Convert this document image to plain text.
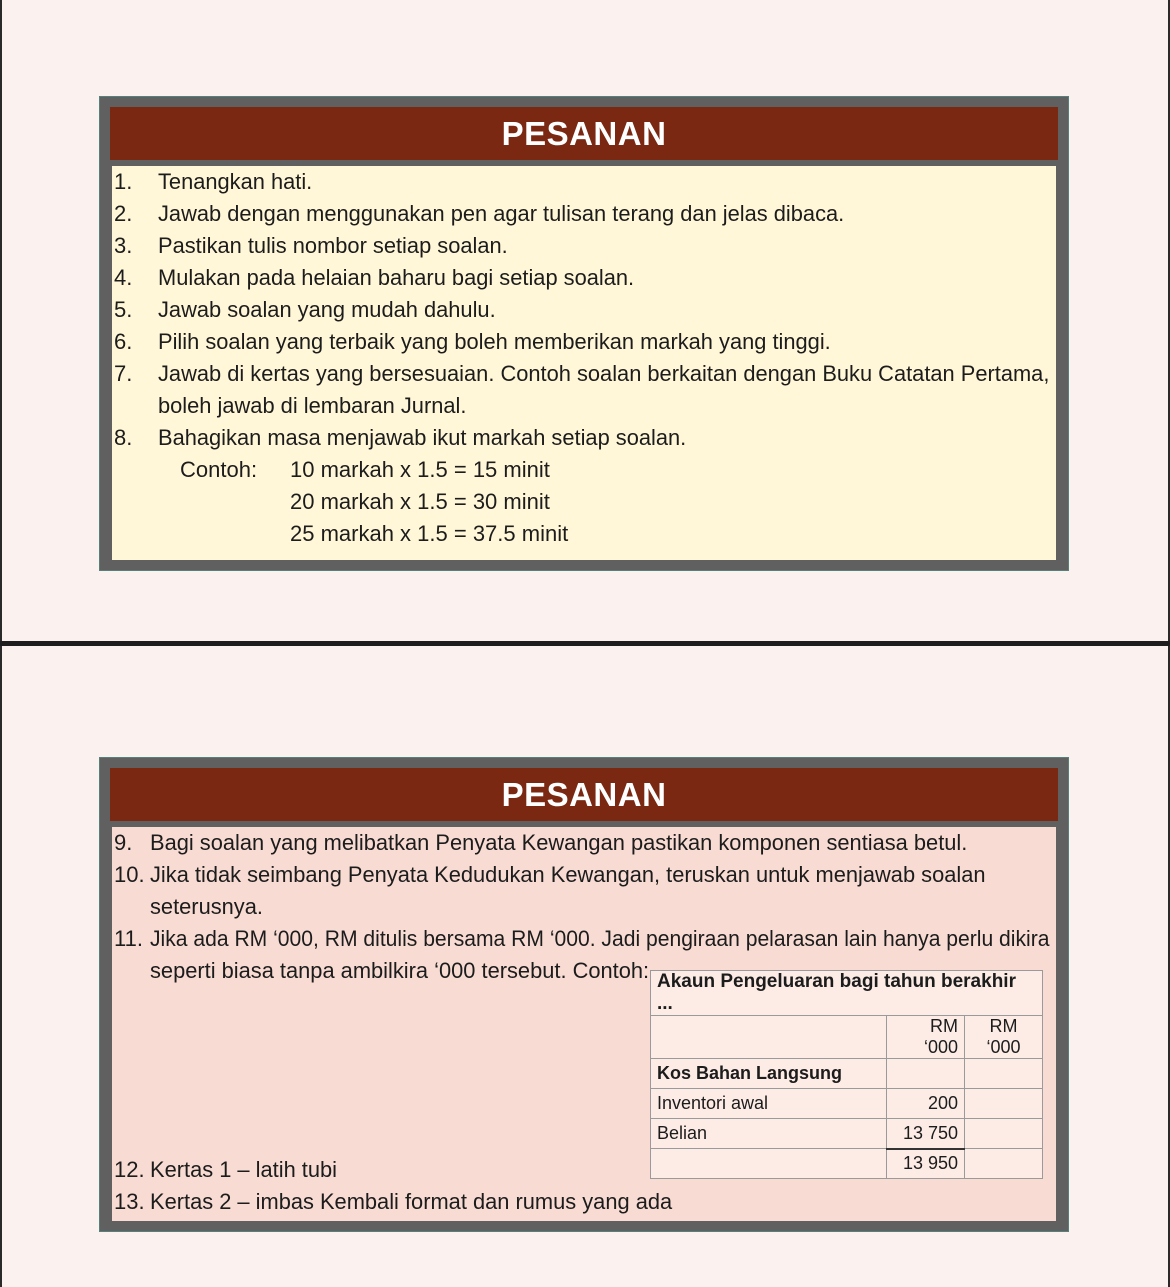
PESANAN
1. Tenangkan hati.
2. Jawab dengan menggunakan pen agar tulisan terang dan jelas dibaca.
3. Pastikan tulis nombor setiap soalan.
4. Mulakan pada helaian baharu bagi setiap soalan.
5. Jawab soalan yang mudah dahulu.
6. Pilih soalan yang terbaik yang boleh memberikan markah yang tinggi.
7. Jawab di kertas yang bersesuaian. Contoh soalan berkaitan dengan Buku Catatan Pertama,
boleh jawab di lembaran Jurnal.
8. Bahagikan masa menjawab ikut markah setiap soalan.
Contoh: 10 markah x 1.5 = 15 minit
20 markah x 1.5 = 30 minit
25 markah x 1.5 = 37.5 minit
PESANAN
9. Bagi soalan yang melibatkan Penyata Kewangan pastikan komponen sentiasa betul.
10. Jika tidak seimbang Penyata Kedudukan Kewangan, teruskan untuk menjawab soalan
seterusnya.
11. Jika ada RM ‘000, RM ditulis bersama RM ‘000. Jadi pengiraan pelarasan lain hanya perlu dikira
seperti biasa tanpa ambilkira ‘000 tersebut. Contoh: Akaun Pengeluaran bagi tahun berakhir ...		
	RM ‘000	RM ‘000
Kos Bahan Langsung		
Inventori awal	200	
Belian	13 750	
	13 950	
12. Kertas 1 – latih tubi
13. Kertas 2 – imbas Kembali format dan rumus yang ada
